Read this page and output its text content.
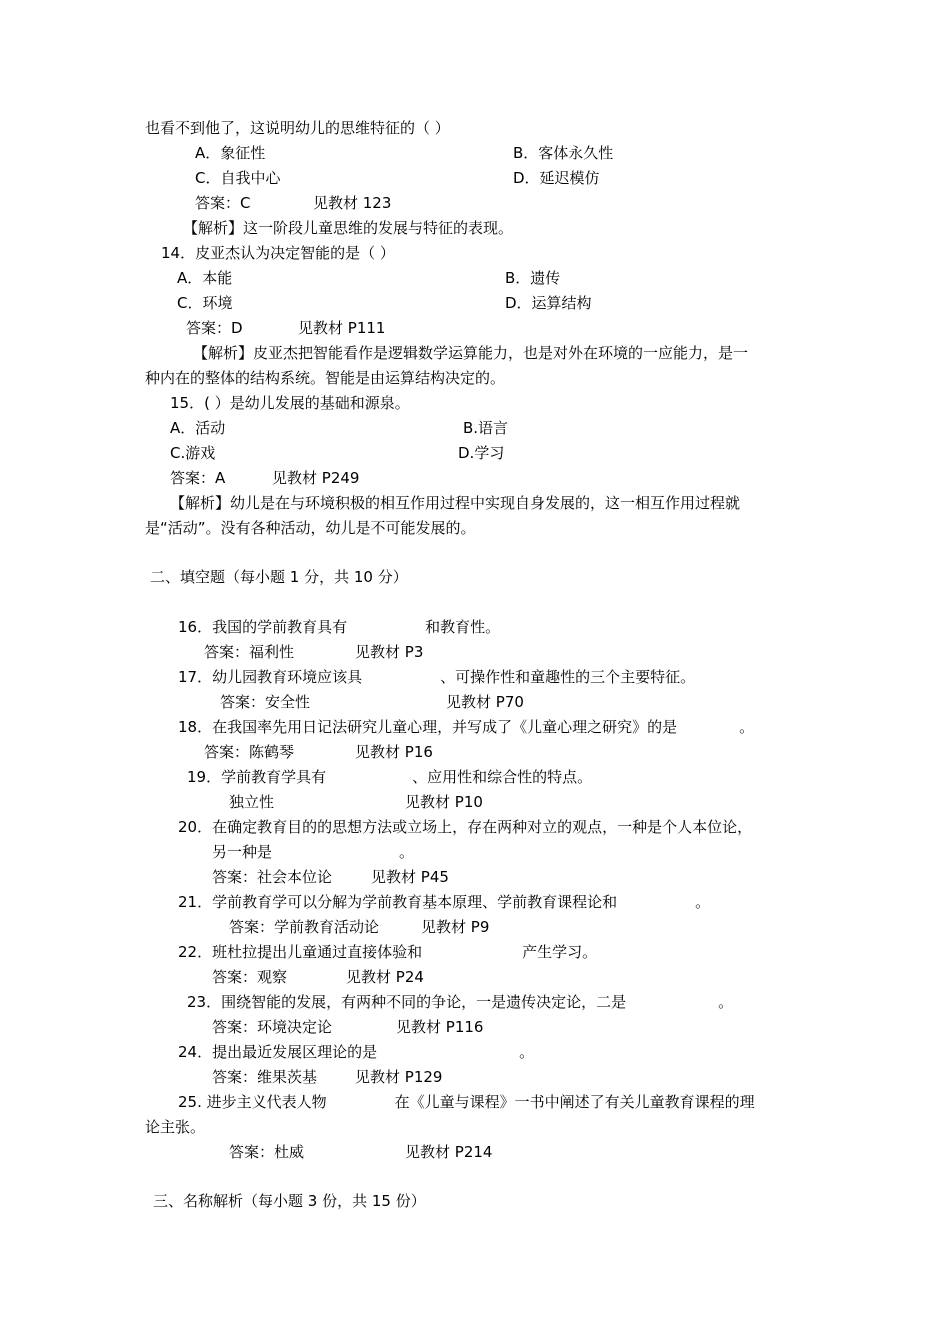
也看不到他了，这说明幼儿的思维特征的（ ）
A．象征性	B．客体永久性
C．自我中心	D．延迟模仿
答案：C	见教材 123
【解析】这一阶段儿童思维的发展与特征的表现。
14．皮亚杰认为决定智能的是（ ）
A．本能	B．遗传
C．环境	D．运算结构
答案：D	见教材 P111
【解析】皮亚杰把智能看作是逻辑数学运算能力，也是对外在环境的一应能力，是一
种内在的整体的结构系统。智能是由运算结构决定的。
15．( ）是幼儿发展的基础和源泉。
A．活动	B.语言
C.游戏	D.学习
答案：A	见教材 P249
【解析】幼儿是在与环境积极的相互作用过程中实现自身发展的，这一相互作用过程就
是“活动”。没有各种活动，幼儿是不可能发展的。
二、填空题（每小题 1 分，共 10 分）
16．我国的学前教育具有	和教育性。
答案：福利性	见教材 P3
17．幼儿园教育环境应该具	、可操作性和童趣性的三个主要特征。
答案：安全性	见教材 P70
18．在我国率先用日记法研究儿童心理，并写成了《儿童心理之研究》的是	。
答案：陈鹤琴	见教材 P16
19．学前教育学具有	、应用性和综合性的特点。
独立性	见教材 P10
20．在确定教育目的的思想方法或立场上，存在两种对立的观点，一种是个人本位论，
另一种是	。
答案：社会本位论	见教材 P45
21．学前教育学可以分解为学前教育基本原理、学前教育课程论和	。
答案：学前教育活动论	见教材 P9
22．班杜拉提出儿童通过直接体验和	产生学习。
答案：观察	见教材 P24
23．围绕智能的发展，有两种不同的争论，一是遗传决定论，二是	。
答案：环境决定论	见教材 P116
24．提出最近发展区理论的是	。
答案：维果茨基	见教材 P129
25. 进步主义代表人物	在《儿童与课程》一书中阐述了有关儿童教育课程的理
论主张。
答案：杜威	见教材 P214
三、名称解析（每小题 3 份，共 15 份）
